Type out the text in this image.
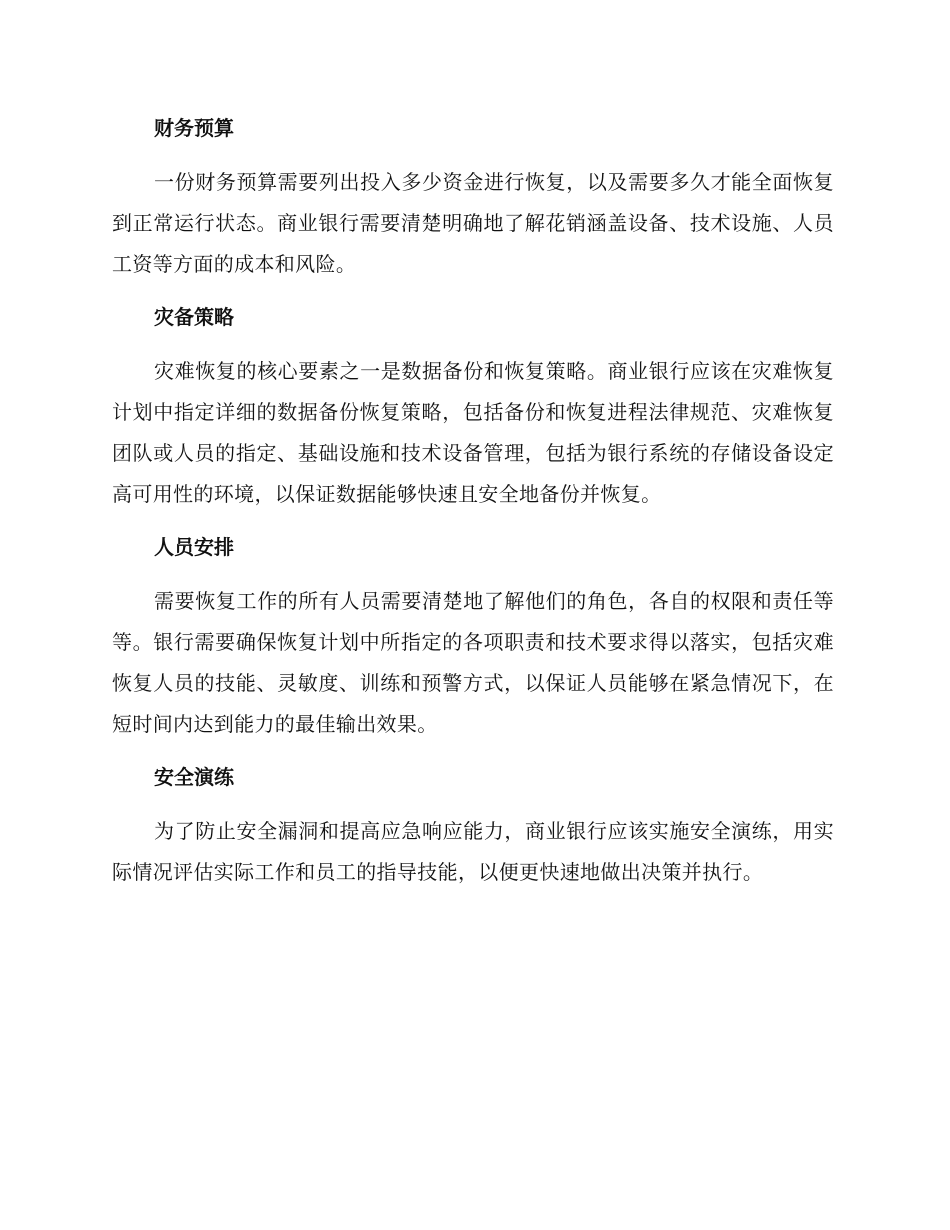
财务预算

一份财务预算需要列出投入多少资金进行恢复，以及需要多久才能全面恢复到正常运行状态。商业银行需要清楚明确地了解花销涵盖设备、技术设施、人员工资等方面的成本和风险。

灾备策略

灾难恢复的核心要素之一是数据备份和恢复策略。商业银行应该在灾难恢复计划中指定详细的数据备份恢复策略，包括备份和恢复进程法律规范、灾难恢复团队或人员的指定、基础设施和技术设备管理，包括为银行系统的存储设备设定高可用性的环境，以保证数据能够快速且安全地备份并恢复。

人员安排

需要恢复工作的所有人员需要清楚地了解他们的角色，各自的权限和责任等等。银行需要确保恢复计划中所指定的各项职责和技术要求得以落实，包括灾难恢复人员的技能、灵敏度、训练和预警方式，以保证人员能够在紧急情况下，在短时间内达到能力的最佳输出效果。

安全演练

为了防止安全漏洞和提高应急响应能力，商业银行应该实施安全演练，用实际情况评估实际工作和员工的指导技能，以便更快速地做出决策并执行。
